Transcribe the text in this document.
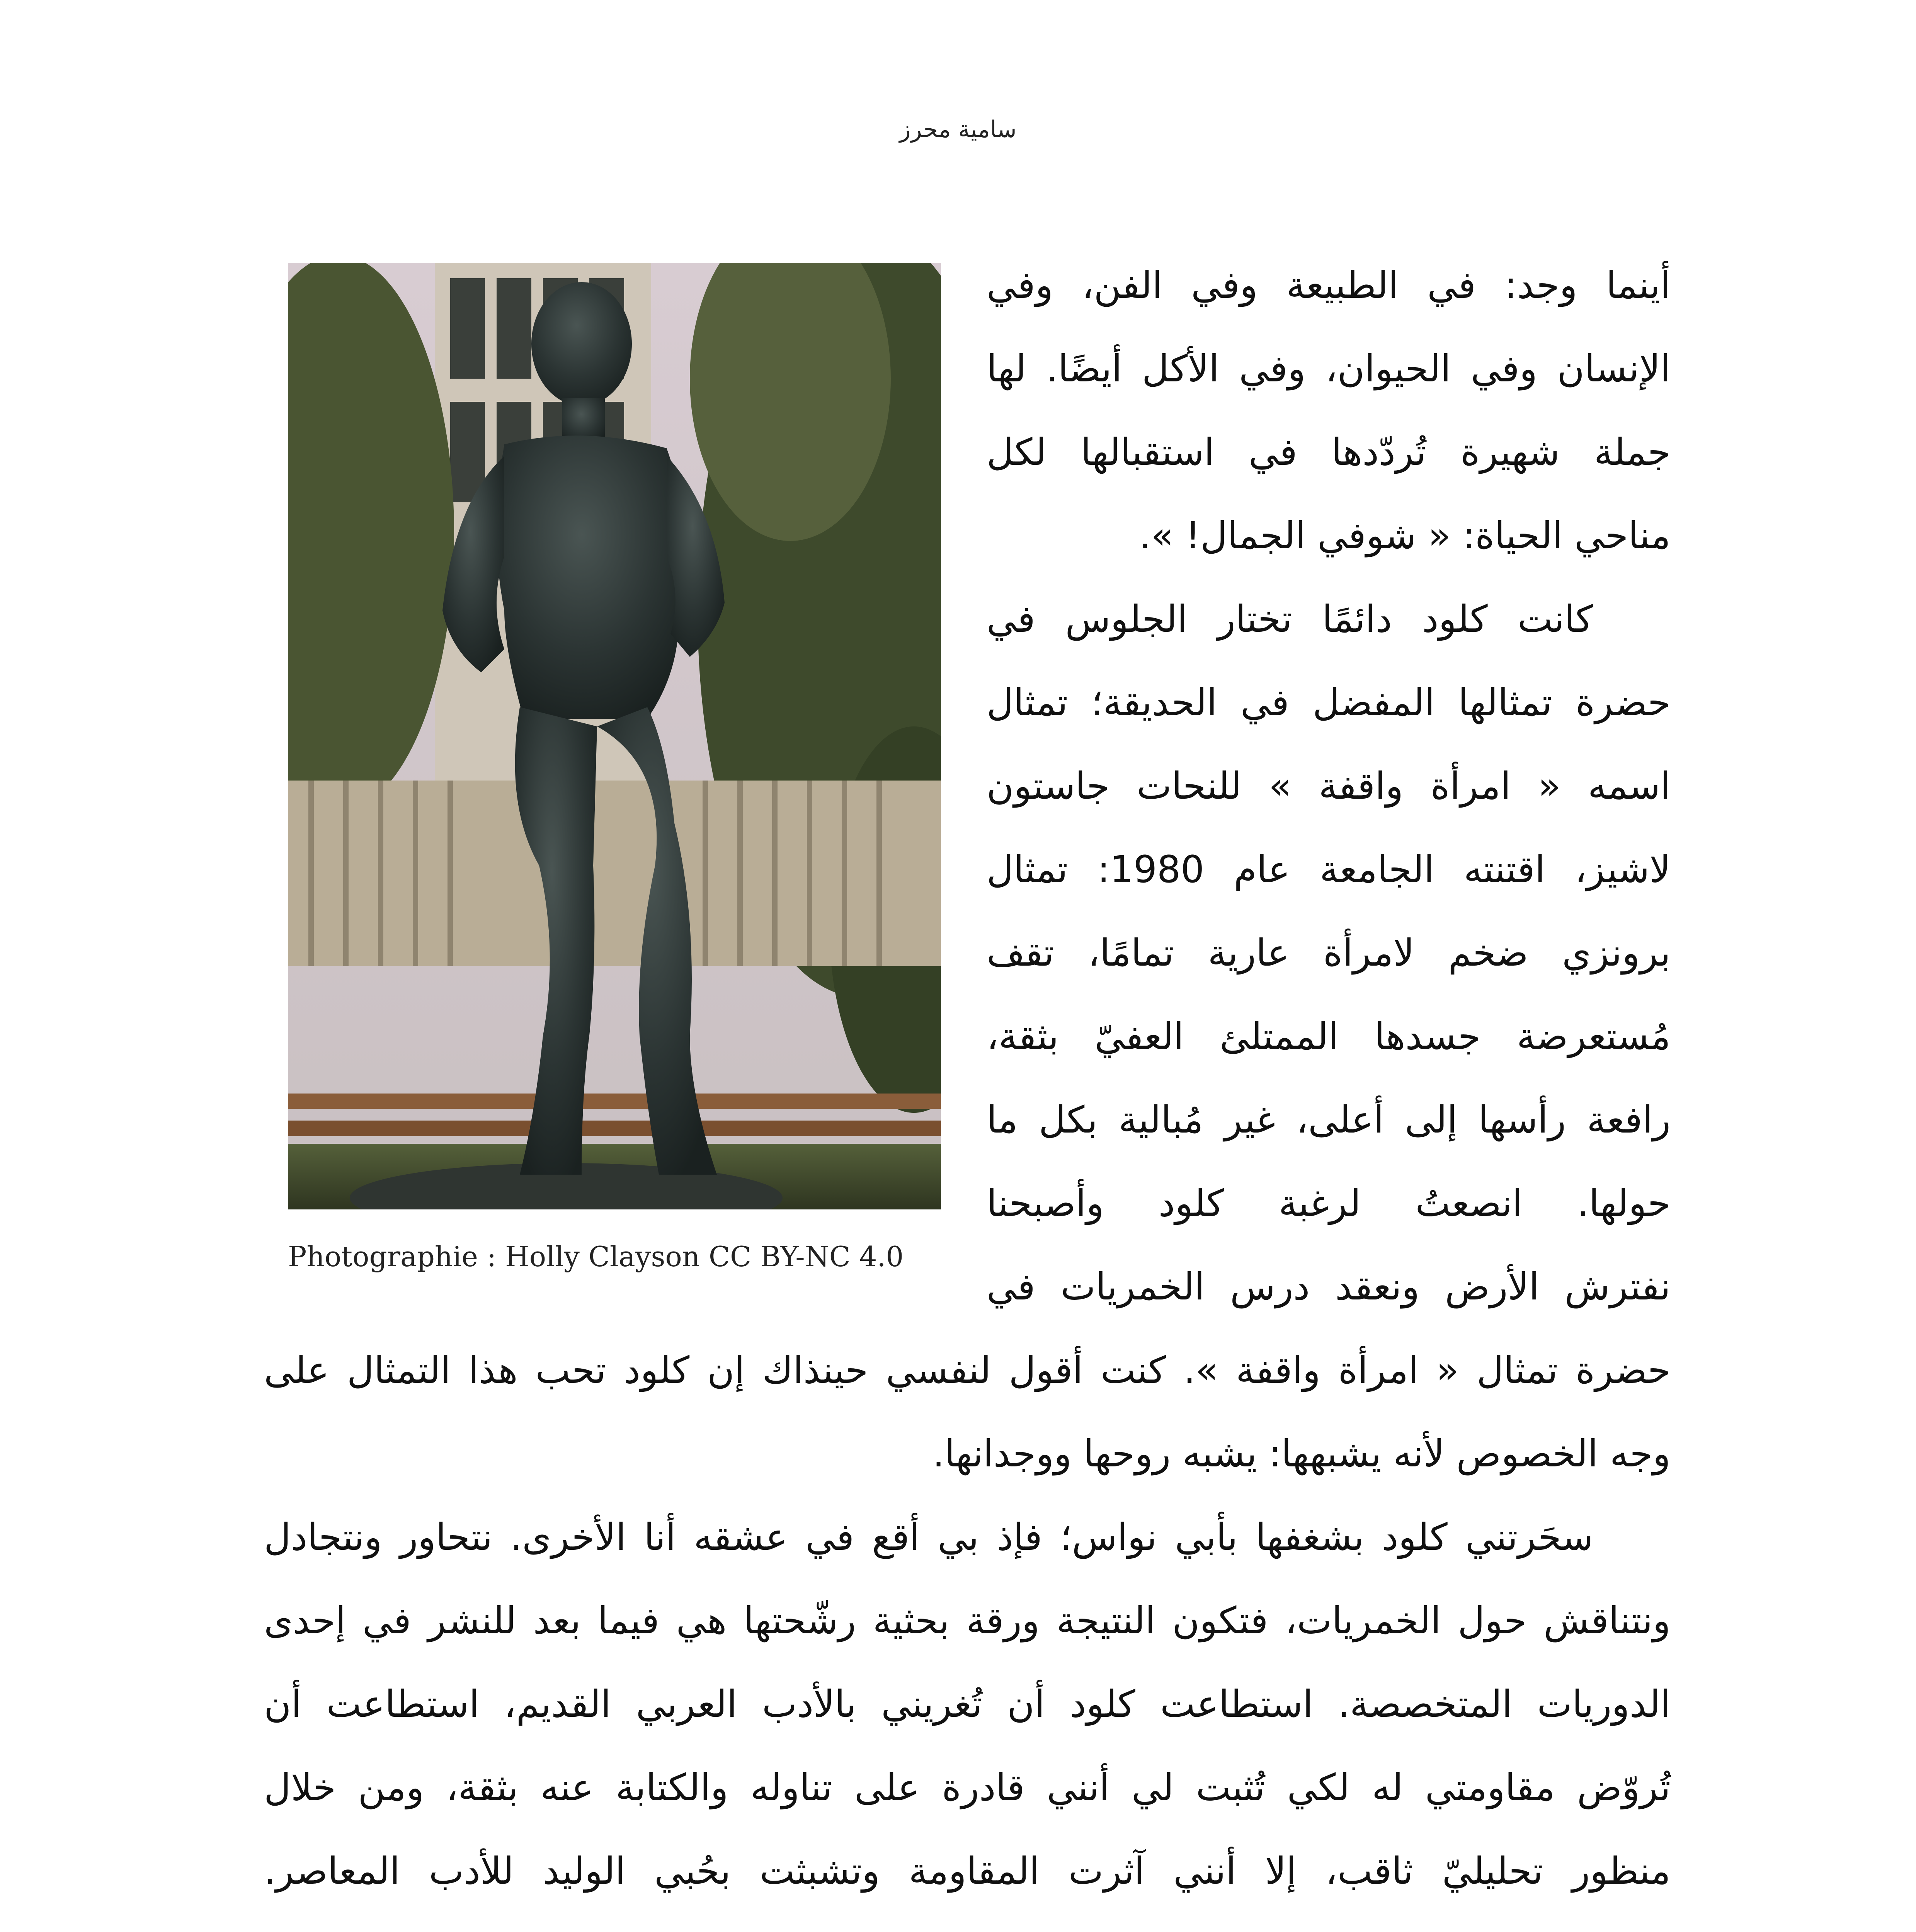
سامية محرز
Photographie : Holly Clayson CC BY-NC 4.0
أينما وجد: في الطبيعة وفي الفن، وفي
الإنسان وفي الحيوان، وفي الأكل أيضًا. لها
جملة شهيرة تُردّدها في استقبالها لكل
مناحي الحياة: « شوفي الجمال! ».
كانت كلود دائمًا تختار الجلوس في
حضرة تمثالها المفضل في الحديقة؛ تمثال
اسمه « امرأة واقفة » للنحات جاستون
لاشيز، اقتنته الجامعة عام 1980: تمثال
برونزي ضخم لامرأة عارية تمامًا، تقف
مُستعرضة جسدها الممتلئ العفيّ بثقة،
رافعة رأسها إلى أعلى، غير مُبالية بكل ما
حولها. انصعتُ لرغبة كلود وأصبحنا
نفترش الأرض ونعقد درس الخمريات في
حضرة تمثال « امرأة واقفة ». كنت أقول لنفسي حينذاك إن كلود تحب هذا التمثال على
وجه الخصوص لأنه يشبهها: يشبه روحها ووجدانها.
سحَرتني كلود بشغفها بأبي نواس؛ فإذ بي أقع في عشقه أنا الأخرى. نتحاور ونتجادل
ونتناقش حول الخمريات، فتكون النتيجة ورقة بحثية رشّحتها هي فيما بعد للنشر في إحدى
الدوريات المتخصصة. استطاعت كلود أن تُغريني بالأدب العربي القديم، استطاعت أن
تُروّض مقاومتي له لكي تُثبت لي أنني قادرة على تناوله والكتابة عنه بثقة، ومن خلال
منظور تحليليّ ثاقب، إلا أنني آثرت المقاومة وتشبثت بحُبي الوليد للأدب المعاصر.
